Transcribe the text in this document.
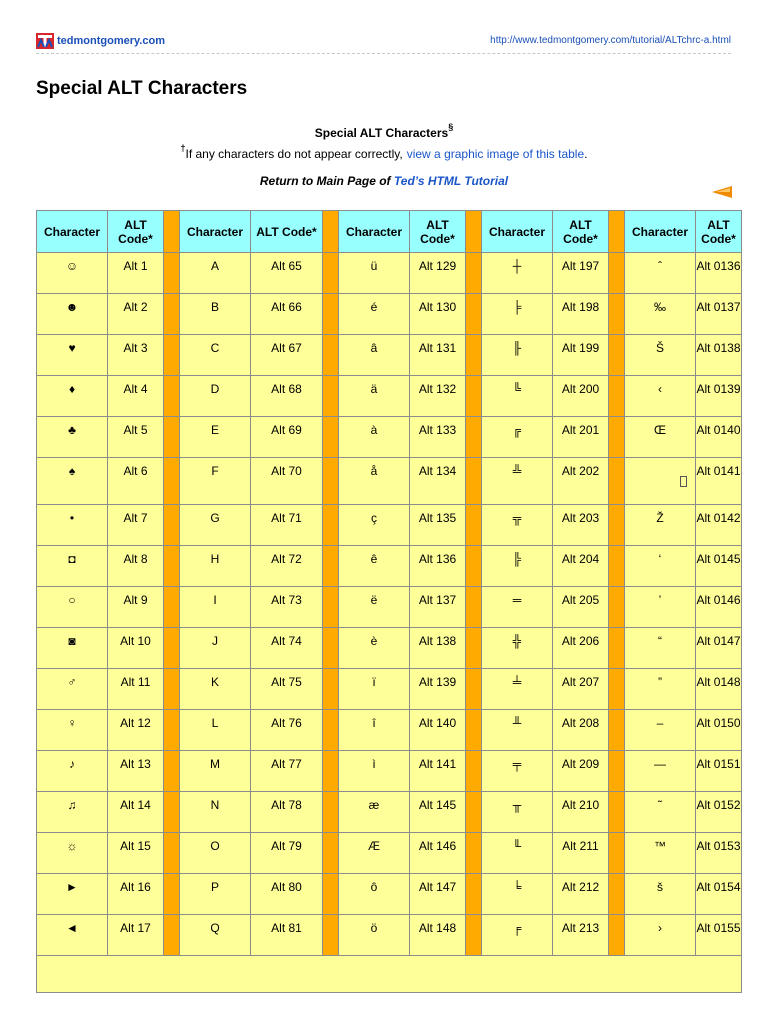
tedmontgomery.com	http://www.tedmontgomery.com/tutorial/ALTchrc-a.html
Special ALT Characters
Special ALT Characters§
†If any characters do not appear correctly, view a graphic image of this table.
Return to Main Page of Ted’s HTML Tutorial
Character	ALT Code*		Character	ALT Code*		Character	ALT Code*		Character	ALT Code*		Character	ALT Code*
☺	Alt 1		A	Alt 65		ü	Alt 129		┼	Alt 197		ˆ	Alt 0136
☻	Alt 2		B	Alt 66		é	Alt 130		╞	Alt 198		‰	Alt 0137
♥	Alt 3		C	Alt 67		â	Alt 131		╟	Alt 199		Š	Alt 0138
♦	Alt 4		D	Alt 68		ä	Alt 132		╚	Alt 200		‹	Alt 0139
♣	Alt 5		E	Alt 69		à	Alt 133		╔	Alt 201		Œ	Alt 0140
♠	Alt 6		F	Alt 70		å	Alt 134		╩	Alt 202			Alt 0141
•	Alt 7		G	Alt 71		ç	Alt 135		╦	Alt 203		Ž	Alt 0142
◘	Alt 8		H	Alt 72		ê	Alt 136		╠	Alt 204		‘	Alt 0145
○	Alt 9		I	Alt 73		ë	Alt 137		═	Alt 205		’	Alt 0146
◙	Alt 10		J	Alt 74		è	Alt 138		╬	Alt 206		“	Alt 0147
♂	Alt 11		K	Alt 75		ï	Alt 139		╧	Alt 207		”	Alt 0148
♀	Alt 12		L	Alt 76		î	Alt 140		╨	Alt 208		–	Alt 0150
♪	Alt 13		M	Alt 77		ì	Alt 141		╤	Alt 209		—	Alt 0151
♫	Alt 14		N	Alt 78		æ	Alt 145		╥	Alt 210		˜	Alt 0152
☼	Alt 15		O	Alt 79		Æ	Alt 146		╙	Alt 211		™	Alt 0153
►	Alt 16		P	Alt 80		ô	Alt 147		╘	Alt 212		š	Alt 0154
◄	Alt 17		Q	Alt 81		ö	Alt 148		╒	Alt 213		›	Alt 0155
